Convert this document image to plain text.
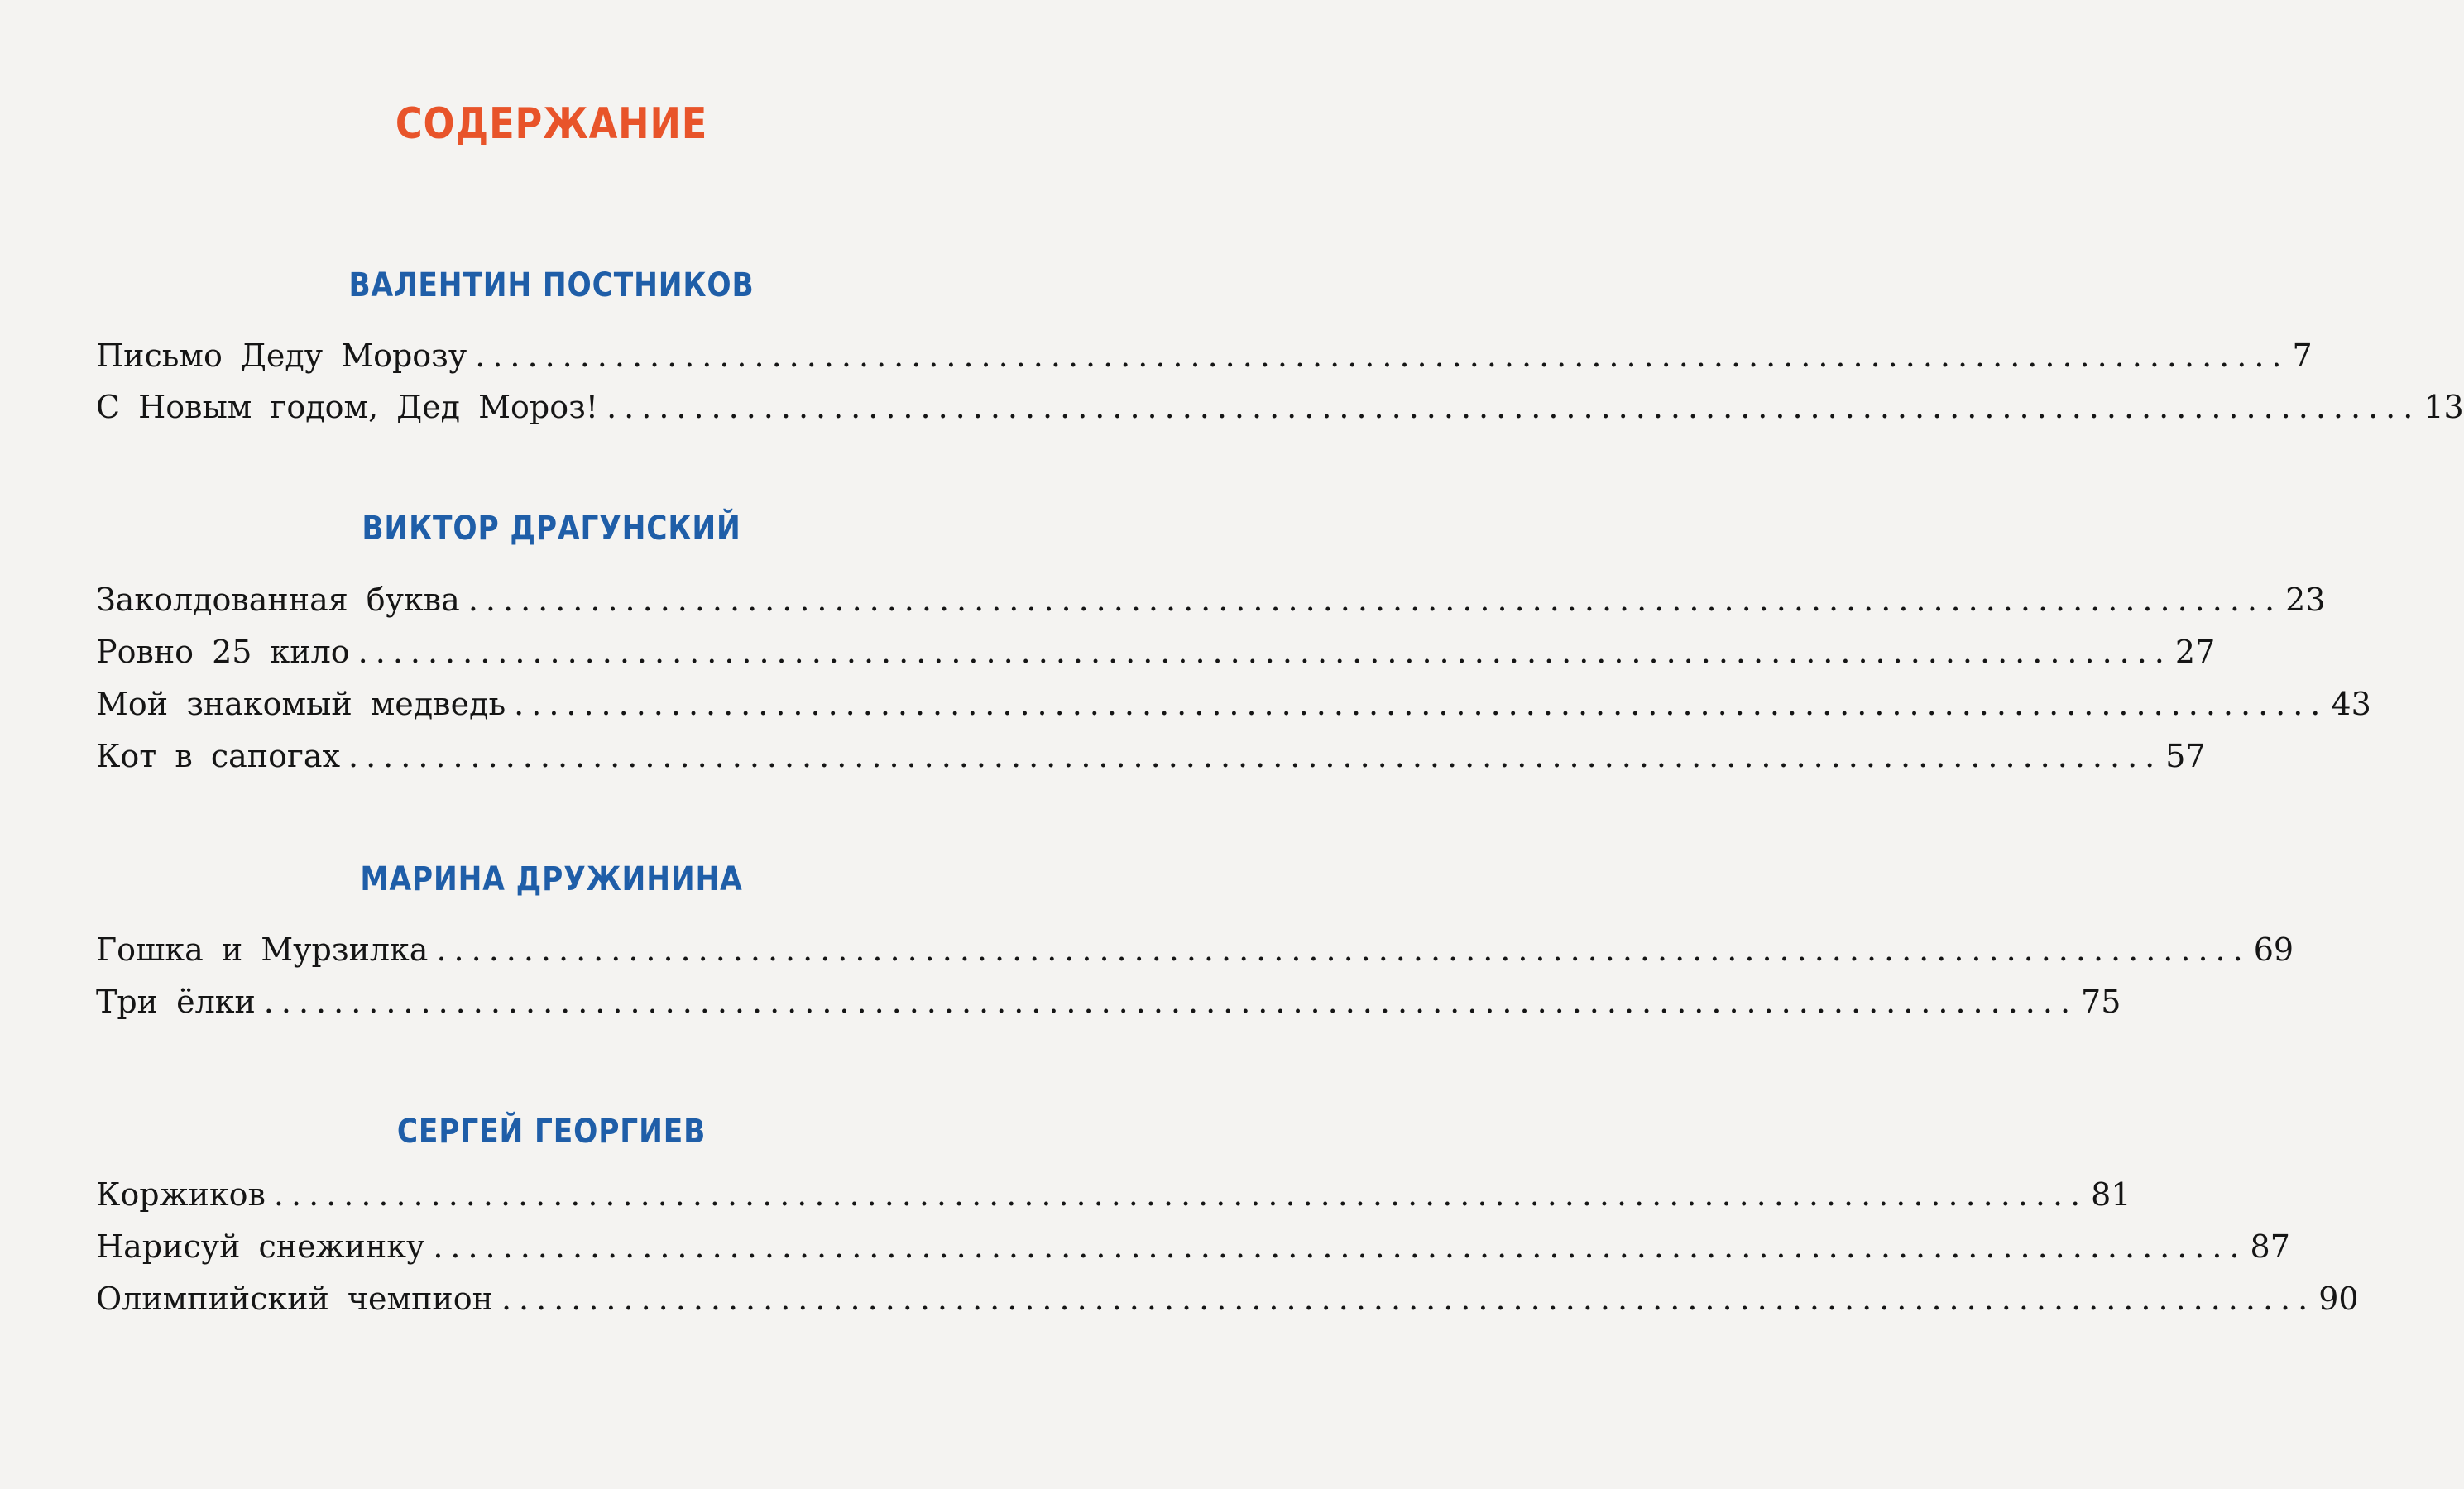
СОДЕРЖАНИЕ
ВАЛЕНТИН ПОСТНИКОВ
Письмо Деду Морозу ........................................................................................................ 7
С Новым годом, Дед Мороз! ........................................................................................................ 13
ВИКТОР ДРАГУНСКИЙ
Заколдованная буква ........................................................................................................ 23
Ровно 25 кило ........................................................................................................ 27
Мой знакомый медведь ........................................................................................................ 43
Кот в сапогах ........................................................................................................ 57
МАРИНА ДРУЖИНИНА
Гошка и Мурзилка ........................................................................................................ 69
Три ёлки ........................................................................................................ 75
СЕРГЕЙ ГЕОРГИЕВ
Коржиков ........................................................................................................ 81
Нарисуй снежинку ........................................................................................................ 87
Олимпийский чемпион ........................................................................................................ 90
